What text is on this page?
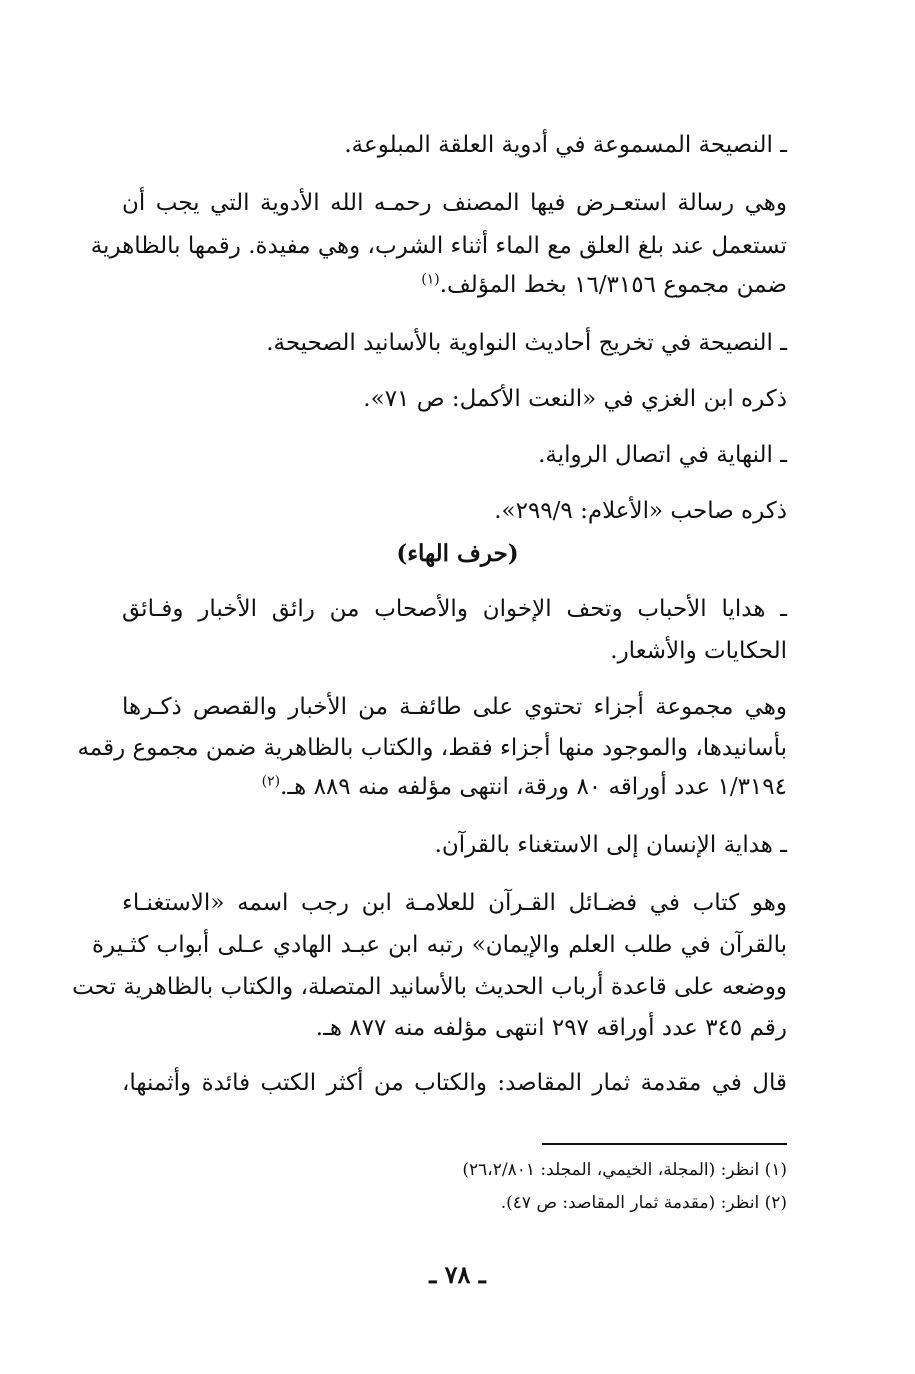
ـ النصيحة المسموعة في أدوية العلقة المبلوعة.
وهي رسالة استعـرض فيها المصنف رحمـه الله الأدوية التي يجب أن
تستعمل عند بلغ العلق مع الماء أثناء الشرب، وهي مفيدة. رقمها بالظاهرية
ضمن مجموع ١٦/٣١٥٦ بخط المؤلف.$^{(١)}$
ـ النصيحة في تخريج أحاديث النواوية بالأسانيد الصحيحة.
ذكره ابن الغزي في «النعت الأكمل: ص ٧١».
ـ النهاية في اتصال الرواية.
ذكره صاحب «الأعلام: ٢٩٩/٩».
(حرف الهاء)
ـ هدايا الأحباب وتحف الإخوان والأصحاب من رائق الأخبار وفـائق
الحكايات والأشعار.
وهي مجموعة أجزاء تحتوي على طائفـة من الأخبار والقصص ذكـرها
بأسانيدها، والموجود منها أجزاء فقط، والكتاب بالظاهرية ضمن مجموع رقمه
١/٣١٩٤ عدد أوراقه ٨٠ ورقة، انتهى مؤلفه منه ٨٨٩ هـ.$^{(٢)}$
ـ هداية الإنسان إلى الاستغناء بالقرآن.
وهو كتاب في فضـائل القـرآن للعلامـة ابن رجب اسمه «الاستغنـاء
بالقرآن في طلب العلم والإيمان» رتبه ابن عبـد الهادي عـلى أبواب كثـيرة
ووضعه على قاعدة أرباب الحديث بالأسانيد المتصلة، والكتاب بالظاهرية تحت
رقم ٣٤٥ عدد أوراقه ٢٩٧ انتهى مؤلفه منه ٨٧٧ هـ.
قال في مقدمة ثمار المقاصد: والكتاب من أكثر الكتب فائدة وأثمنها،
(١) انظر: (المجلة، الخيمي، المجلد: ٢٦،٢/٨٠١)
(٢) انظر: (مقدمة ثمار المقاصد: ص ٤٧).
ـ ٧٨ ـ
